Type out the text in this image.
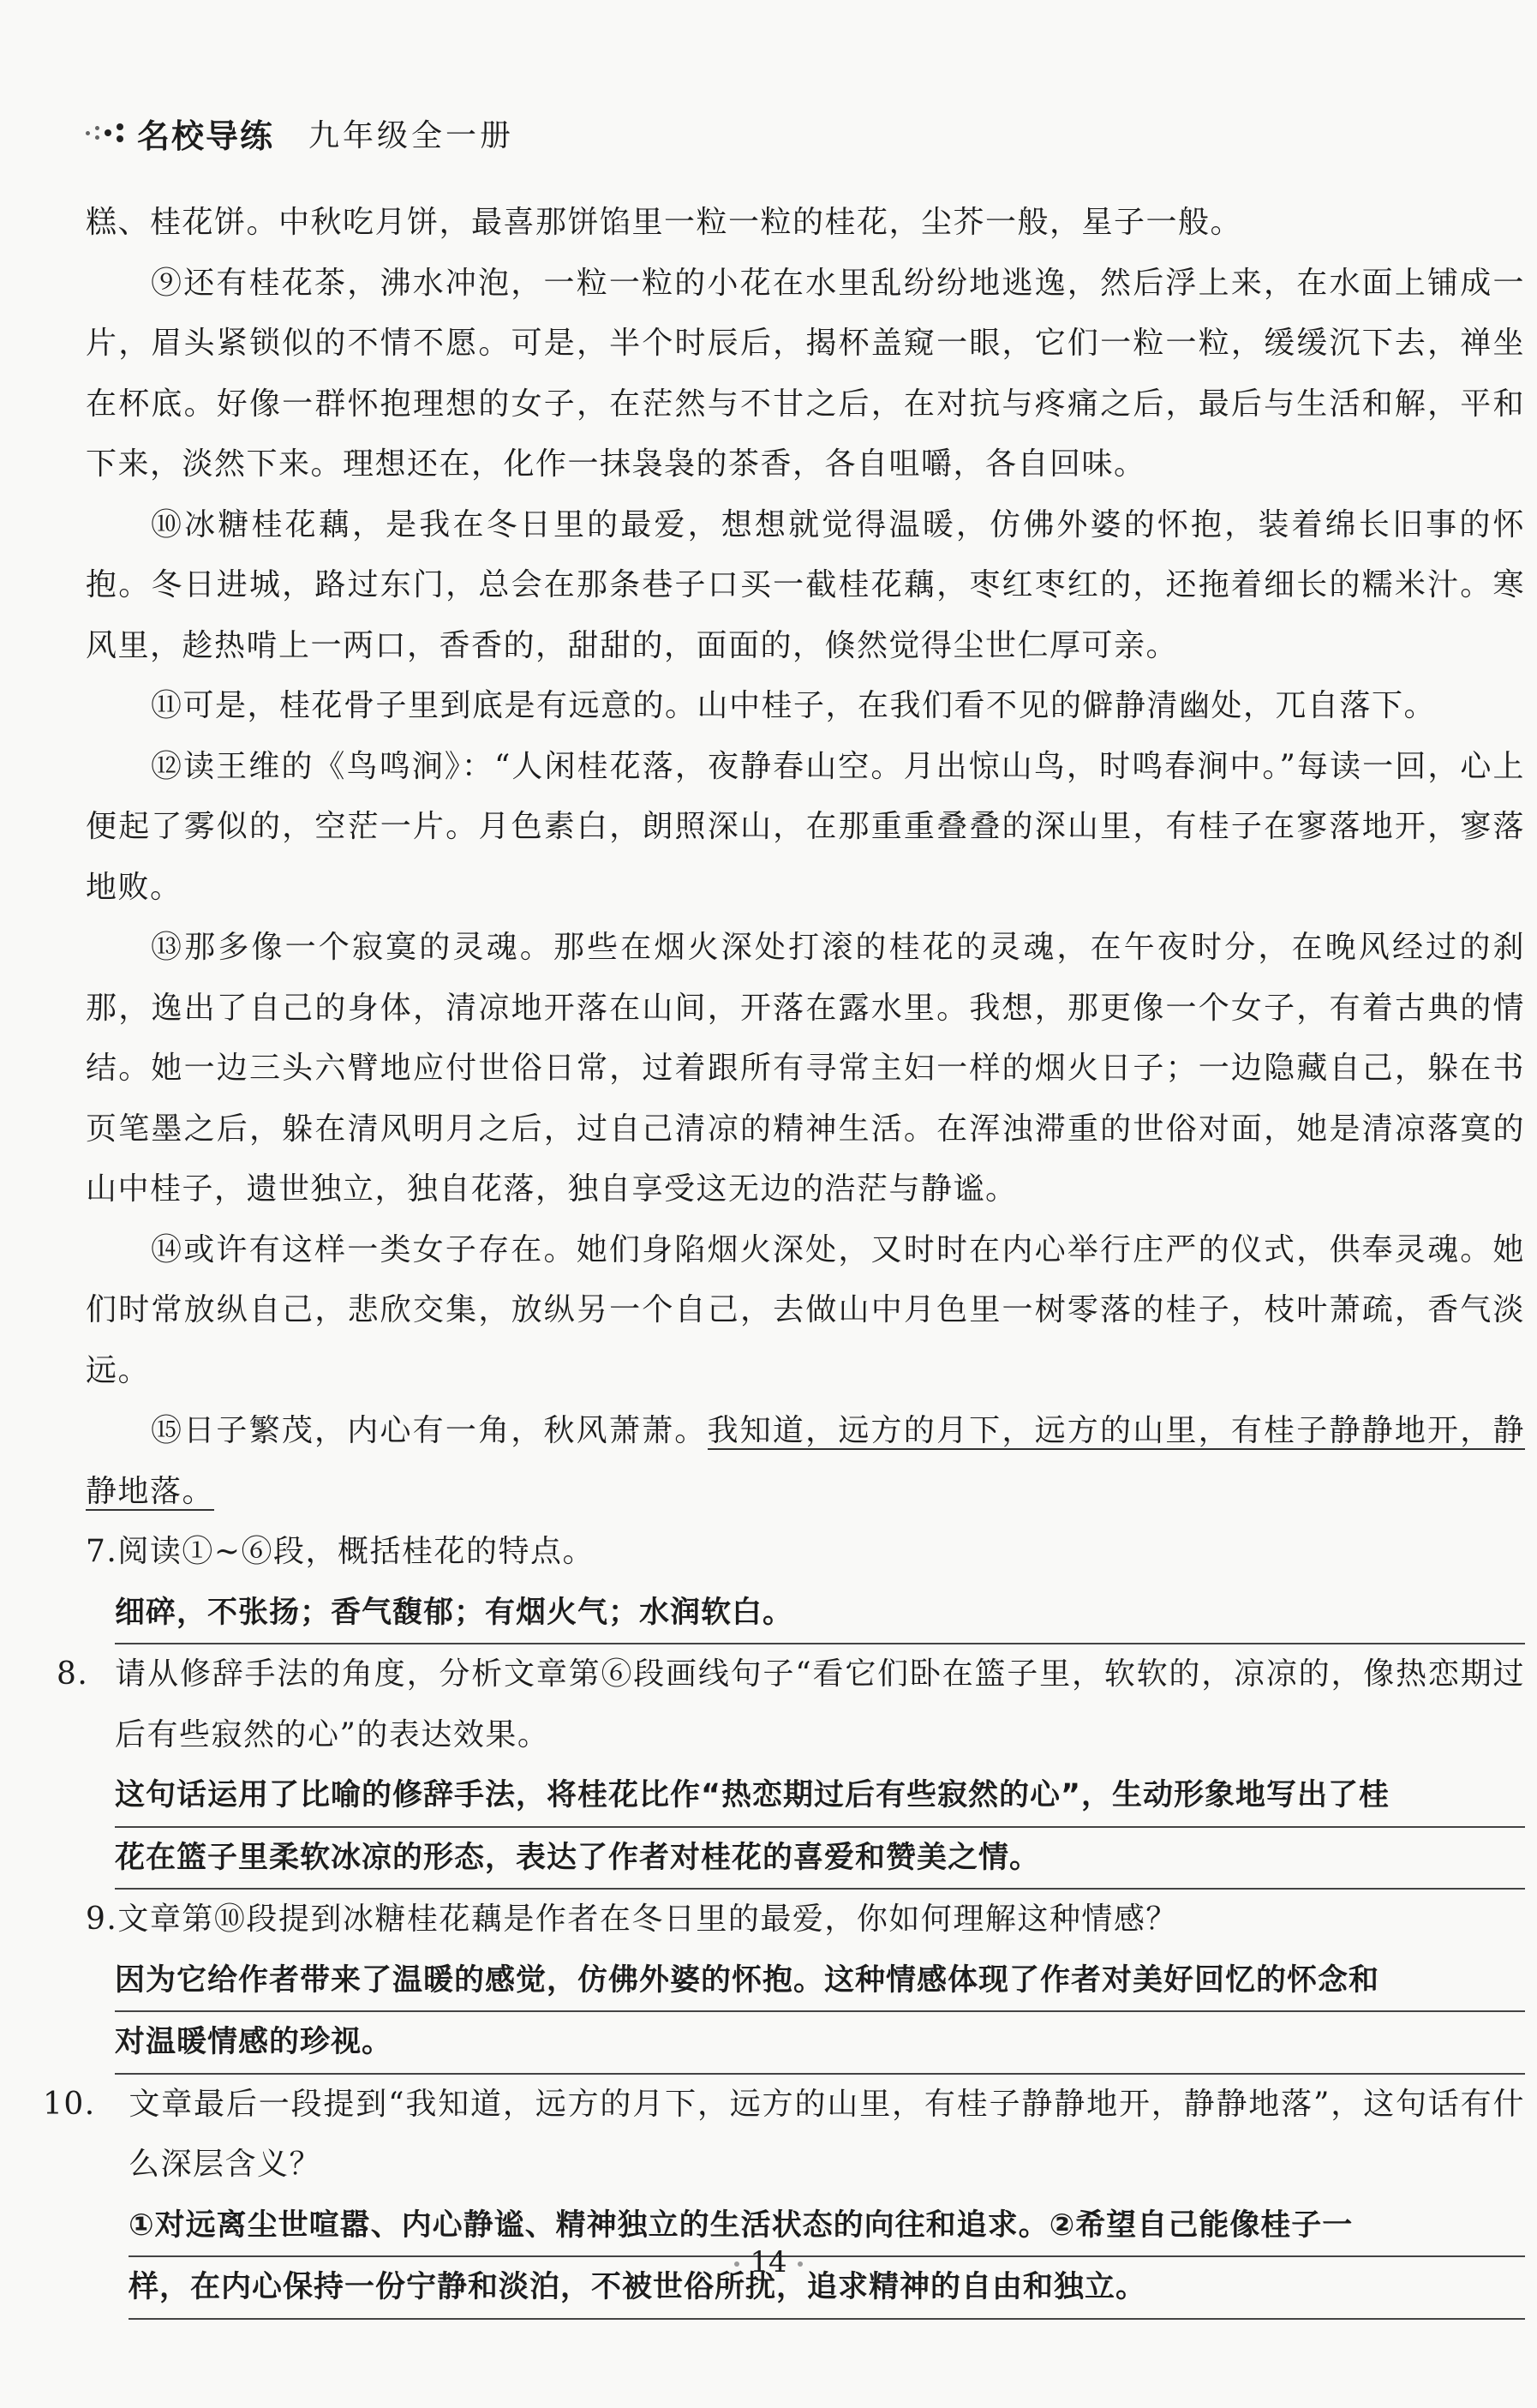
名校导练 九年级全一册

糕、桂花饼。中秋吃月饼，最喜那饼馅里一粒一粒的桂花，尘芥一般，星子一般。

⑨还有桂花茶，沸水冲泡，一粒一粒的小花在水里乱纷纷地逃逸，然后浮上来，在水面上铺成一片，眉头紧锁似的不情不愿。可是，半个时辰后，揭杯盖窥一眼，它们一粒一粒，缓缓沉下去，禅坐在杯底。好像一群怀抱理想的女子，在茫然与不甘之后，在对抗与疼痛之后，最后与生活和解，平和下来，淡然下来。理想还在，化作一抹袅袅的茶香，各自咀嚼，各自回味。

⑩冰糖桂花藕，是我在冬日里的最爱，想想就觉得温暖，仿佛外婆的怀抱，装着绵长旧事的怀抱。冬日进城，路过东门，总会在那条巷子口买一截桂花藕，枣红枣红的，还拖着细长的糯米汁。寒风里，趁热啃上一两口，香香的，甜甜的，面面的，倏然觉得尘世仁厚可亲。

⑪可是，桂花骨子里到底是有远意的。山中桂子，在我们看不见的僻静清幽处，兀自落下。

⑫读王维的《鸟鸣涧》：“人闲桂花落，夜静春山空。月出惊山鸟，时鸣春涧中。”每读一回，心上便起了雾似的，空茫一片。月色素白，朗照深山，在那重重叠叠的深山里，有桂子在寥落地开，寥落地败。

⑬那多像一个寂寞的灵魂。那些在烟火深处打滚的桂花的灵魂，在午夜时分，在晚风经过的刹那，逸出了自己的身体，清凉地开落在山间，开落在露水里。我想，那更像一个女子，有着古典的情结。她一边三头六臂地应付世俗日常，过着跟所有寻常主妇一样的烟火日子；一边隐藏自己，躲在书页笔墨之后，躲在清风明月之后，过自己清凉的精神生活。在浑浊滞重的世俗对面，她是清凉落寞的山中桂子，遗世独立，独自花落，独自享受这无边的浩茫与静谧。

⑭或许有这样一类女子存在。她们身陷烟火深处，又时时在内心举行庄严的仪式，供奉灵魂。她们时常放纵自己，悲欣交集，放纵另一个自己，去做山中月色里一树零落的桂子，枝叶萧疏，香气淡远。

⑮日子繁茂，内心有一角，秋风萧萧。我知道，远方的月下，远方的山里，有桂子静静地开，静静地落。

7.阅读①~⑥段，概括桂花的特点。
细碎，不张扬；香气馥郁；有烟火气；水润软白。
8. 请从修辞手法的角度，分析文章第⑥段画线句子“看它们卧在篮子里，软软的，凉凉的，像热恋期过后有些寂然的心”的表达效果。
这句话运用了比喻的修辞手法，将桂花比作“热恋期过后有些寂然的心”，生动形象地写出了桂
花在篮子里柔软冰凉的形态，表达了作者对桂花的喜爱和赞美之情。
9.文章第⑩段提到冰糖桂花藕是作者在冬日里的最爱，你如何理解这种情感？
因为它给作者带来了温暖的感觉，仿佛外婆的怀抱。这种情感体现了作者对美好回忆的怀念和
对温暖情感的珍视。
10. 文章最后一段提到“我知道，远方的月下，远方的山里，有桂子静静地开，静静地落”，这句话有什么深层含义？
①对远离尘世喧嚣、内心静谧、精神独立的生活状态的向往和追求。②希望自己能像桂子一
样，在内心保持一份宁静和淡泊，不被世俗所扰，追求精神的自由和独立。
14
